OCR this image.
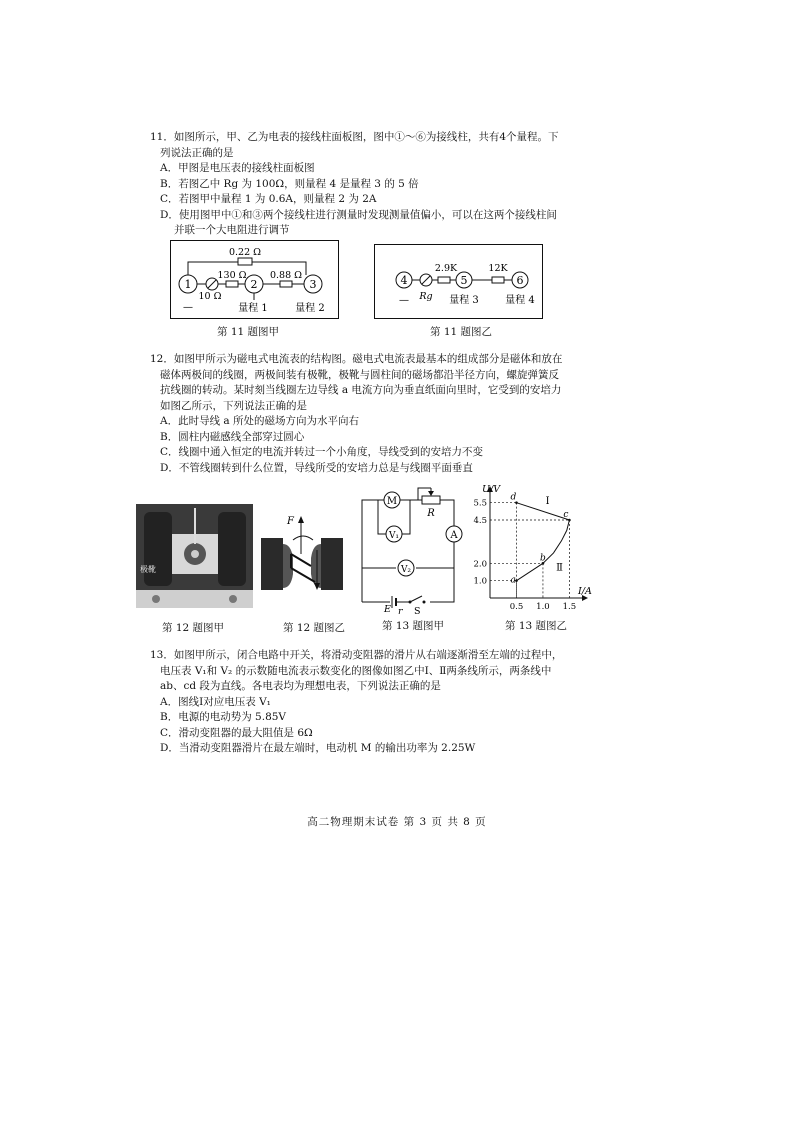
11．如图所示，甲、乙为电表的接线柱面板图，图中①～⑥为接线柱，共有4个量程。下

列说法正确的是

A．甲图是电压表的接线柱面板图

B．若图乙中 Rg 为 100Ω，则量程 4 是量程 3 的 5 倍

C．若图甲中量程 1 为 0.6A，则量程 2 为 2A

D．使用图甲中①和③两个接线柱进行测量时发现测量值偏小，可以在这两个接线柱间

并联一个大电阻进行调节

1	2	3
0.22 Ω
130 Ω 0.88 Ω
10 Ω
—	量程 1	量程 2
第 11 题图甲
4	5	6
2.9K	12K
Rg
—	量程 3	量程 4
第 11 题图乙

12．如图甲所示为磁电式电流表的结构图。磁电式电流表最基本的组成部分是磁体和放在

磁体两极间的线圈，两极间装有极靴，极靴与圆柱间的磁场都沿半径方向，螺旋弹簧反

抗线圈的转动。某时刻当线圈左边导线 a 电流方向为垂直纸面向里时，它受到的安培力

如图乙所示，下列说法正确的是

A．此时导线 a 所处的磁场方向为水平向右

B．圆柱内磁感线全部穿过圆心

C．线圈中通入恒定的电流并转过一个小角度，导线受到的安培力不变

D．不管线圈转到什么位置，导线所受的安培力总是与线圈平面垂直

极靴
第 12 题图甲
F
第 12 题图乙
M
R
V₁	A
V₂
E r S
第 13 题图甲
Ⅰ
Ⅱ
0.5 1.0 1.5
1.0
2.0
4.5
5.5
a
b
c
d
U/V
I/A
第 13 题图乙

13．如图甲所示，闭合电路中开关，将滑动变阻器的滑片从右端逐渐滑至左端的过程中，

电压表 V₁和 V₂ 的示数随电流表示数变化的图像如图乙中Ⅰ、Ⅱ两条线所示，两条线中

ab、cd 段为直线。各电表均为理想电表，下列说法正确的是

A．图线Ⅰ对应电压表 V₁

B．电源的电动势为 5.85V

C．滑动变阻器的最大阻值是 6Ω

D．当滑动变阻器滑片在最左端时，电动机 M 的输出功率为 2.25W

高二物理期末试卷 第 3 页 共 8 页
